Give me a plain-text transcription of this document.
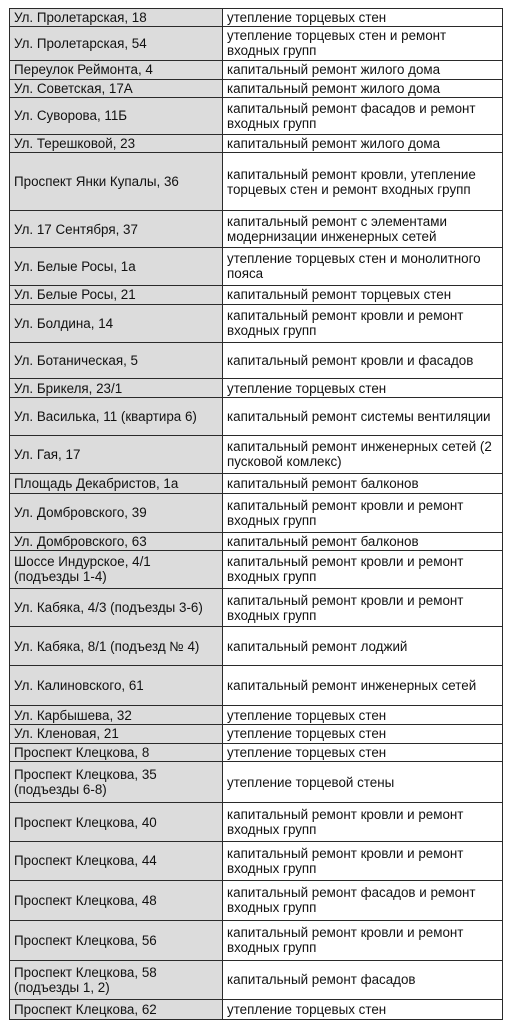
Ул. Пролетарская, 18	утепление торцевых стен
Ул. Пролетарская, 54	утепление торцевых стен и ремонт входных групп
Переулок Реймонта, 4	капитальный ремонт жилого дома
Ул. Советская, 17А	капитальный ремонт жилого дома
Ул. Суворова, 11Б	капитальный ремонт фасадов и ремонт входных групп
Ул. Терешковой, 23	капитальный ремонт жилого дома
Проспект Янки Купалы, 36	капитальный ремонт кровли, утепление торцевых стен и ремонт входных групп
Ул. 17 Сентября, 37	капитальный ремонт с элементами модернизации инженерных сетей
Ул. Белые Росы, 1а	утепление торцевых стен и монолитного пояса
Ул. Белые Росы, 21	капитальный ремонт торцевых стен
Ул. Болдина, 14	капитальный ремонт кровли и ремонт входных групп
Ул. Ботаническая, 5	капитальный ремонт кровли и фасадов
Ул. Брикеля, 23/1	утепление торцевых стен
Ул. Василька, 11 (квартира 6)	капитальный ремонт системы вентиляции
Ул. Гая, 17	капитальный ремонт инженерных сетей (2 пусковой комлекс)
Площадь Декабристов, 1а	капитальный ремонт балконов
Ул. Домбровского, 39	капитальный ремонт кровли и ремонт входных групп
Ул. Домбровского, 63	капитальный ремонт балконов
Шоссе Индурское, 4/1 (подъезды 1-4)	капитальный ремонт кровли и ремонт входных групп
Ул. Кабяка, 4/3 (подъезды 3-6)	капитальный ремонт кровли и ремонт входных групп
Ул. Кабяка, 8/1 (подъезд № 4)	капитальный ремонт лоджий
Ул. Калиновского, 61	капитальный ремонт инженерных сетей
Ул. Карбышева, 32	утепление торцевых стен
Ул. Кленовая, 21	утепление торцевых стен
Проспект Клецкова, 8	утепление торцевых стен
Проспект Клецкова, 35 (подъезды 6-8)	утепление торцевой стены
Проспект Клецкова, 40	капитальный ремонт кровли и ремонт входных групп
Проспект Клецкова, 44	капитальный ремонт кровли и ремонт входных групп
Проспект Клецкова, 48	капитальный ремонт фасадов и ремонт входных групп
Проспект Клецкова, 56	капитальный ремонт кровли и ремонт входных групп
Проспект Клецкова, 58 (подъезды 1, 2)	капитальный ремонт фасадов
Проспект Клецкова, 62	утепление торцевых стен
